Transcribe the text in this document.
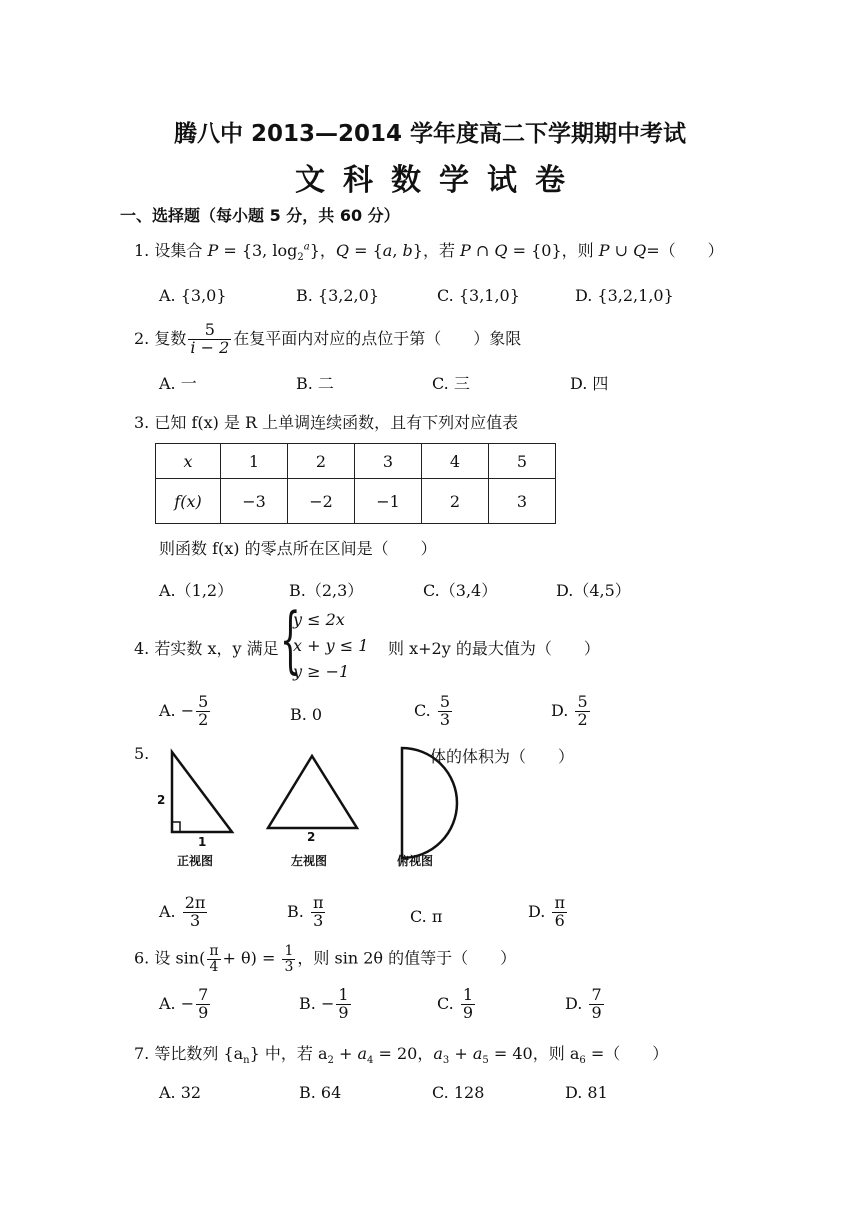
腾八中 2013—2014 学年度高二下学期期中考试
文科数学试卷
一、选择题（每小题 5 分，共 60 分）
1. 设集合 P = {3, $\log_2^a$}，Q = {a, b}，若 P ∩ Q = {0}，则 P ∪ Q=（　　）
A. {3,0}	B. {3,2,0}	C. {3,1,0}	D. {3,2,1,0}
2. 复数 $\frac{5}{i - 2}$ 在复平面内对应的点位于第（　　）象限
A. 一	B. 二	C. 三	D. 四
3. 已知 f(x) 是 R 上单调连续函数，且有下列对应值表
x	1	2	3	4	5
f(x)	−3	−2	−1	2	3
则函数 f(x) 的零点所在区间是（　　）
A.（1,2）	B.（2,3）	C.（3,4）	D.（4,5）
4. 若实数 x，y 满足 {
y ≤ 2x
x + y ≤ 1
y ≥ −1
则 x+2y 的最大值为（　　）
A. − $\frac{5}{2}$	B. 0	C. $\frac{5}{3}$	D. $\frac{5}{2}$
5.	体的体积为（　　）
2
1	2
正视图	左视图	俯视图
A. $\frac{2\pi}{3}$	B. $\frac{\pi}{3}$	C. π	D. $\frac{\pi}{6}$
6. 设 $\sin( \frac{\pi}{4} + \theta) = \frac{1}{3}$ ，则 sin 2θ 的值等于（　　）
A. − $\frac{7}{9}$	B. − $\frac{1}{9}$	C. $\frac{1}{9}$	D. $\frac{7}{9}$
7. 等比数列 $\{a_n\}$ 中，若 $a_2 + a_4 = 20$，$a_3 + a_5 = 40$，则 $a_6$ =（　　）
A. 32	B. 64	C. 128	D. 81
